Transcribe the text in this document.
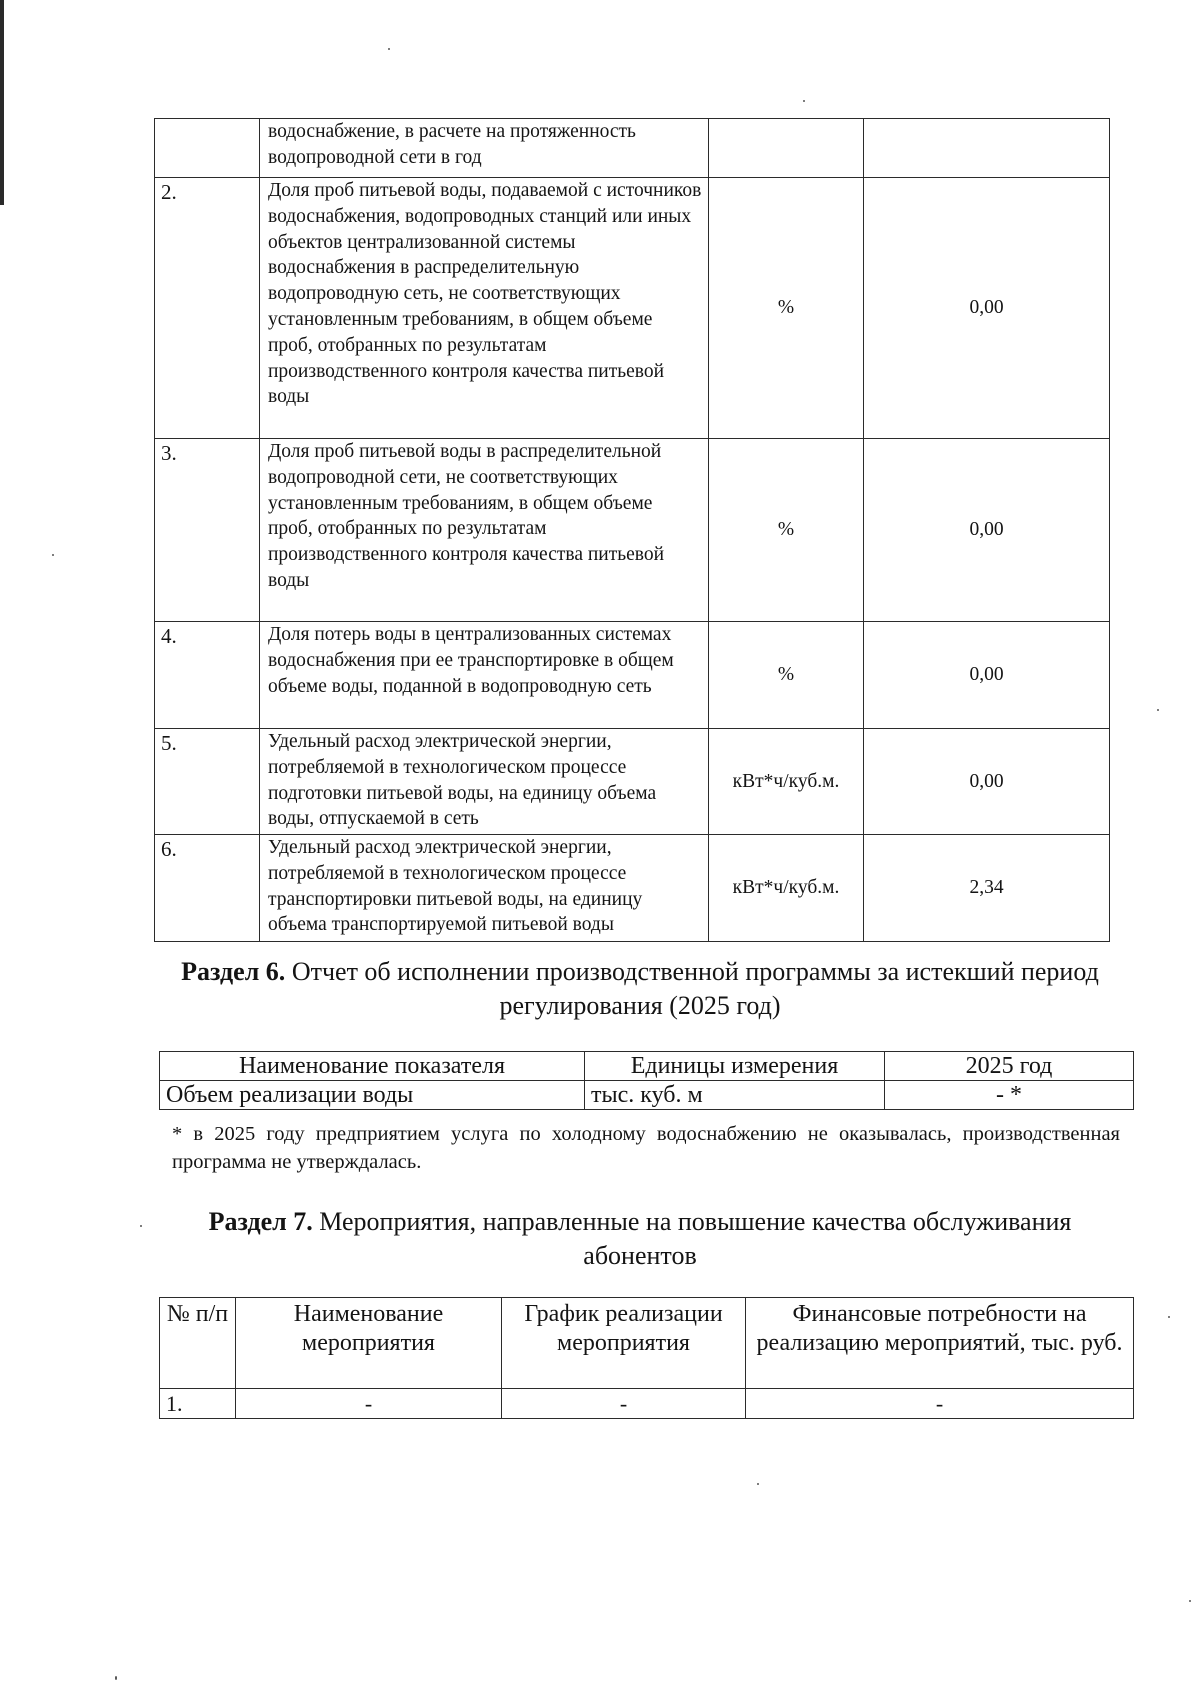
	водоснабжение, в расчете на протяженность водопроводной сети в год		
2.	Доля проб питьевой воды, подаваемой с источников водоснабжения, водопроводных станций или иных объектов централизованной системы водоснабжения в распределительную водопроводную сеть, не соответствующих установленным требованиям, в общем объеме проб, отобранных по результатам производственного контроля качества питьевой воды	%	0,00
3.	Доля проб питьевой воды в распределительной водопроводной сети, не соответствующих установленным требованиям, в общем объеме проб, отобранных по результатам производственного контроля качества питьевой воды	%	0,00
4.	Доля потерь воды в централизованных системах водоснабжения при ее транспортировке в общем объеме воды, поданной в водопроводную сеть	%	0,00
5.	Удельный расход электрической энергии, потребляемой в технологическом процессе подготовки питьевой воды, на единицу объема воды, отпускаемой в сеть	кВт*ч/куб.м.	0,00
6.	Удельный расход электрической энергии, потребляемой в технологическом процессе транспортировки питьевой воды, на единицу объема транспортируемой питьевой воды	кВт*ч/куб.м.	2,34
Раздел 6. Отчет об исполнении производственной программы за истекший период регулирования (2025 год)
Наименование показателя	Единицы измерения	2025 год
Объем реализации воды	тыс. куб. м	- *
* в 2025 году предприятием услуга по холодному водоснабжению не оказывалась, производственная программа не утверждалась.
Раздел 7. Мероприятия, направленные на повышение качества обслуживания абонентов
№ п/п	Наименование мероприятия	График реализации мероприятия	Финансовые потребности на реализацию мероприятий, тыс. руб.
1.	-	-	-
